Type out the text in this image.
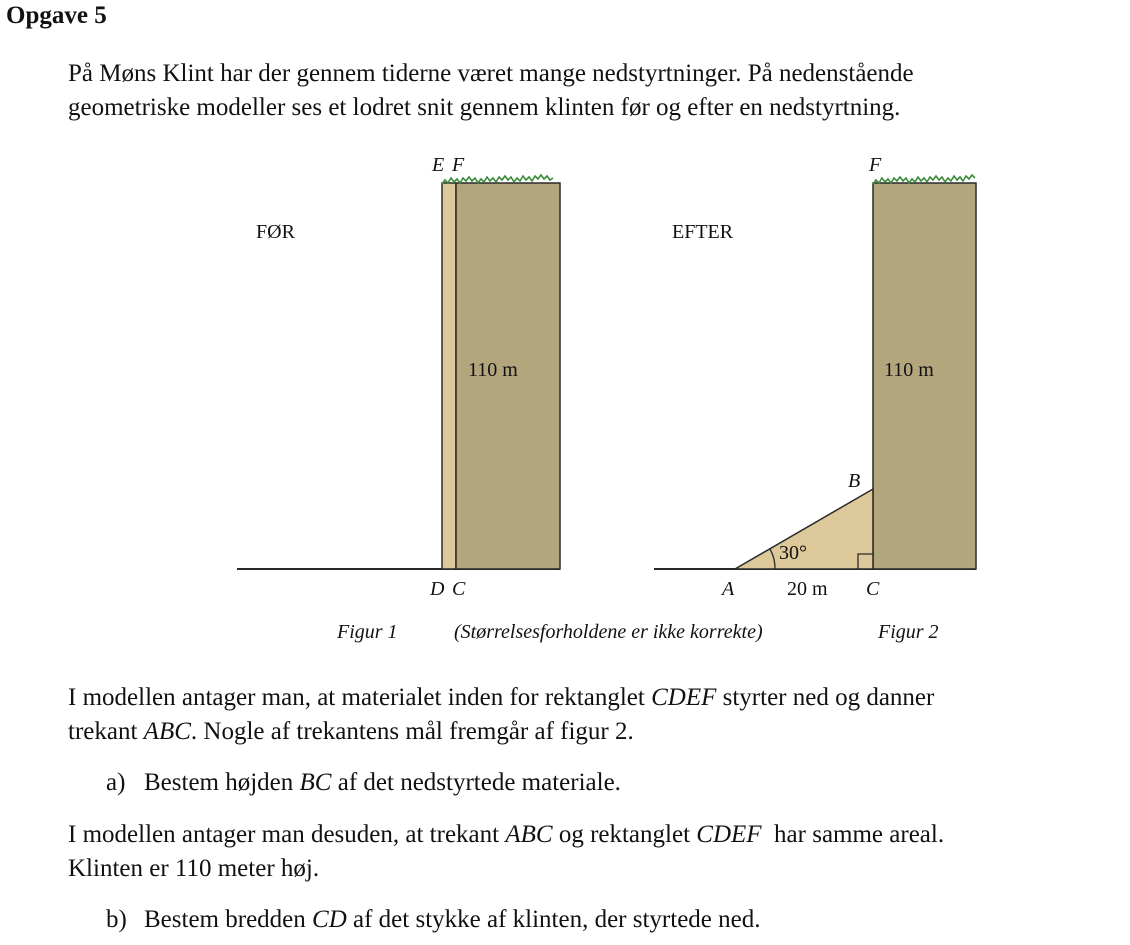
Opgave 5
På Møns Klint har der gennem tiderne været mange nedstyrtninger. På nedenstående
geometriske modeller ses et lodret snit gennem klinten før og efter en nedstyrtning.
FØR
110 m
E F
D C
EFTER
110 m
30°
20 m
F
B
A	C
Figur 1	(Størrelsesforholdene er ikke korrekte)	Figur 2
I modellen antager man, at materialet inden for rektanglet CDEF styrter ned og danner
trekant ABC. Nogle af trekantens mål fremgår af figur 2.
a) Bestem højden BC af det nedstyrtede materiale.
I modellen antager man desuden, at trekant ABC og rektanglet CDEF  har samme areal.
Klinten er 110 meter høj.
b) Bestem bredden CD af det stykke af klinten, der styrtede ned.
